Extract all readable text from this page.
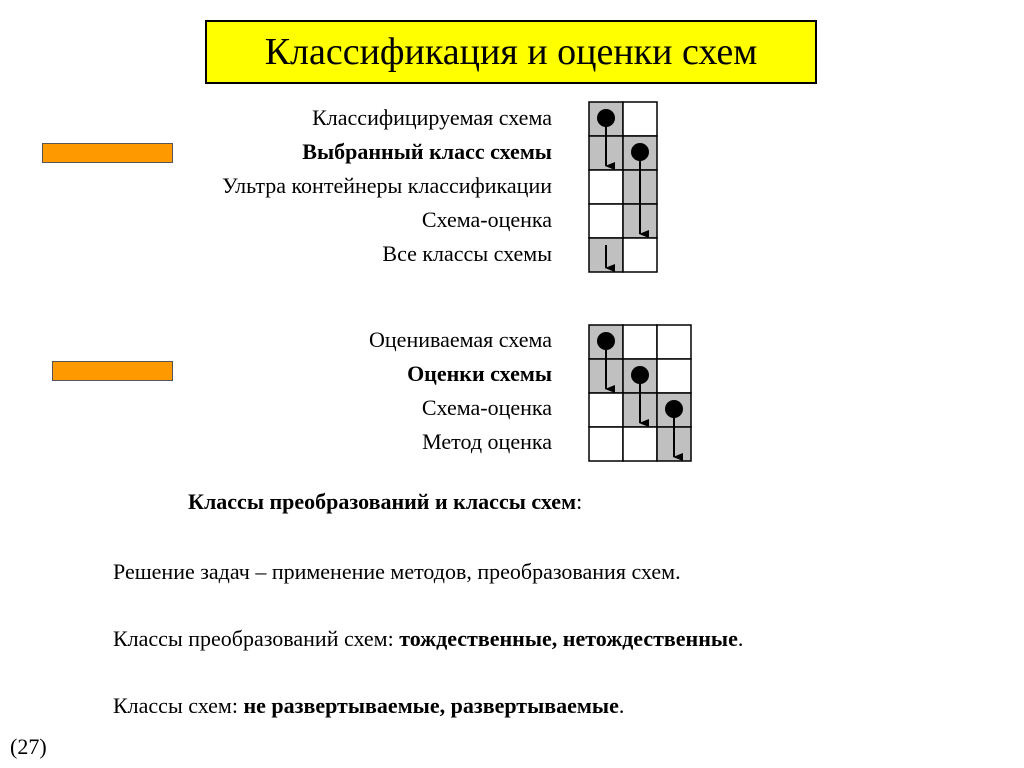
Классификация и оценки схем
Классифицируемая схема
Выбранный класс схемы
Ультра контейнеры классификации
Схема-оценка
Все классы схемы
Оцениваемая схема
Оценки схемы
Схема-оценка
Метод оценка
Классы преобразований и классы схем:
Решение задач – применение методов, преобразования схем.
Классы преобразований схем: тождественные, нетождественные.
Классы схем: не развертываемые, развертываемые.
(27)
